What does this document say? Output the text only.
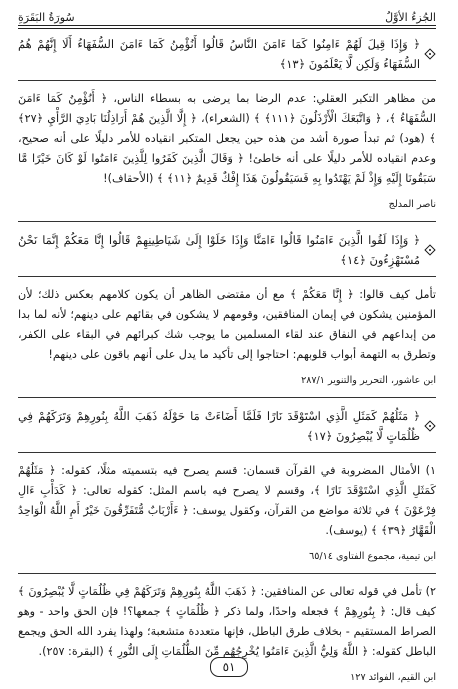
الجُزءُ الأوَّلُ
سُورَةُ البَقَرَةِ
﴿ وَإِذَا قِيلَ لَهُمْ ءَامِنُوا كَمَا ءَامَنَ النَّاسُ قَالُوا أَنُؤْمِنُ كَمَا ءَامَنَ السُّفَهَاءُ أَلَا إِنَّهُمْ هُمُ السُّفَهَاءُ وَلَكِن لَّا يَعْلَمُونَ ﴿١٣﴾

من مظاهر التكبر العقلي: عدم الرضا بما يرضى به بسطاء الناس، ﴿ أَنُؤْمِنُ كَمَا ءَامَنَ السُّفَهَاءُ ﴾، ﴿ وَاتَّبَعَكَ الْأَرْذَلُونَ ﴿١١١﴾ ﴾ (الشعراء)، ﴿ إِلَّا الَّذِينَ هُمْ أَرَاذِلُنَا بَادِيَ الرَّأْيِ ﴿٢٧﴾ ﴾ (هود) ثم تبدأ صورة أشد من هذه حين يجعل المتكبر انقياده للأمر دليلًا على أنه صحيح، وعدم انقياده للأمر دليلًا على أنه خاطئ! ﴿ وَقَالَ الَّذِينَ كَفَرُوا لِلَّذِينَ ءَامَنُوا لَوْ كَانَ خَيْرًا مَّا سَبَقُونَا إِلَيْهِ وَإِذْ لَمْ يَهْتَدُوا بِهِ فَسَيَقُولُونَ هَذَا إِفْكٌ قَدِيمٌ ﴿١١﴾ ﴾ (الأحقاف)!

ناصر المدلج

﴿ وَإِذَا لَقُوا الَّذِينَ ءَامَنُوا قَالُوا ءَامَنَّا وَإِذَا خَلَوْا إِلَىٰ شَيَاطِينِهِمْ قَالُوا إِنَّا مَعَكُمْ إِنَّمَا نَحْنُ مُسْتَهْزِءُونَ ﴿١٤﴾

تأمل كيف قالوا: ﴿ إِنَّا مَعَكُمْ ﴾ مع أن مقتضى الظاهر أن يكون كلامهم بعكس ذلك؛ لأن المؤمنين يشكون في إيمان المنافقين، وقومهم لا يشكون في بقائهم على دينهم؛ لأنه لما بدا من إبداعهم في النفاق عند لقاء المسلمين ما يوجب شك كبرائهم في البقاء على الكفر، وتطرق به التهمة أبواب قلوبهم: احتاجوا إلى تأكيد ما يدل على أنهم باقون على دينهم!

ابن عاشور، التحرير والتنوير ٢٨٧/١

﴿ مَثَلُهُمْ كَمَثَلِ الَّذِي اسْتَوْقَدَ نَارًا فَلَمَّا أَضَاءَتْ مَا حَوْلَهُ ذَهَبَ اللَّهُ بِنُورِهِمْ وَتَرَكَهُمْ فِي ظُلُمَاتٍ لَّا يُبْصِرُونَ ﴿١٧﴾

١) الأمثال المضروبة في القرآن قسمان: قسم يصرح فيه بتسميته مثلًا، كقوله: ﴿ مَثَلُهُمْ كَمَثَلِ الَّذِي اسْتَوْقَدَ نَارًا ﴾، وقسم لا يصرح فيه باسم المثل: كقوله تعالى: ﴿ كَدَأْبِ ءَالِ فِرْعَوْنَ ﴾ في ثلاثة مواضع من القرآن، وكقول يوسف: ﴿ ءَأَرْبَابٌ مُّتَفَرِّقُونَ خَيْرٌ أَمِ اللَّهُ الْوَاحِدُ الْقَهَّارُ ﴿٣٩﴾ ﴾ (يوسف).

ابن تيمية، مجموع الفتاوى ٦٥/١٤

٢) تأمل في قوله تعالى عن المنافقين: ﴿ ذَهَبَ اللَّهُ بِنُورِهِمْ وَتَرَكَهُمْ فِي ظُلُمَاتٍ لَّا يُبْصِرُونَ ﴾ كيف قال: ﴿ بِنُورِهِمْ ﴾ فجعله واحدًا، ولما ذكر ﴿ ظُلُمَاتٍ ﴾ جمعها؟! فإن الحق واحد - وهو الصراط المستقيم - بخلاف طرق الباطل، فإنها متعددة متشعبة؛ ولهذا يفرد الله الحق ويجمع الباطل كقوله: ﴿ اللَّهُ وَلِيُّ الَّذِينَ ءَامَنُوا يُخْرِجُهُم مِّنَ الظُّلُمَاتِ إِلَى النُّورِ ﴾ (البقرة: ٢٥٧).

ابن القيم، الفوائد ١٢٧

٥١
